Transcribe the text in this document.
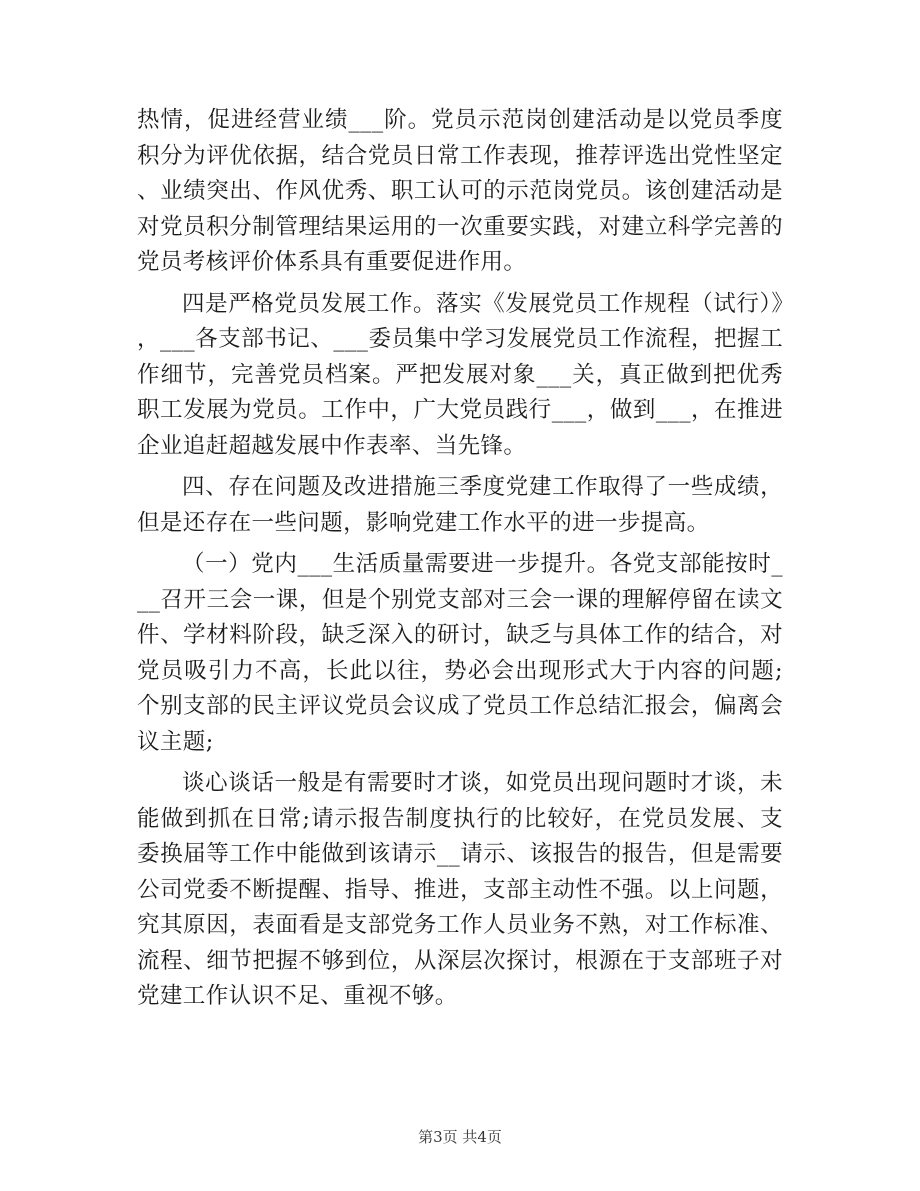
热情，促进经营业绩___阶。党员示范岗创建活动是以党员季度积分为评优依据，结合党员日常工作表现，推荐评选出党性坚定、业绩突出、作风优秀、职工认可的示范岗党员。该创建活动是对党员积分制管理结果运用的一次重要实践，对建立科学完善的党员考核评价体系具有重要促进作用。

四是严格党员发展工作。落实《发展党员工作规程（试行）》，___各支部书记、___委员集中学习发展党员工作流程，把握工作细节，完善党员档案。严把发展对象___关，真正做到把优秀职工发展为党员。工作中，广大党员践行___，做到___，在推进企业追赶超越发展中作表率、当先锋。

四、存在问题及改进措施三季度党建工作取得了一些成绩，但是还存在一些问题，影响党建工作水平的进一步提高。

（一）党内___生活质量需要进一步提升。各党支部能按时___召开三会一课，但是个别党支部对三会一课的理解停留在读文件、学材料阶段，缺乏深入的研讨，缺乏与具体工作的结合，对党员吸引力不高，长此以往，势必会出现形式大于内容的问题;个别支部的民主评议党员会议成了党员工作总结汇报会，偏离会议主题;

谈心谈话一般是有需要时才谈，如党员出现问题时才谈，未能做到抓在日常;请示报告制度执行的比较好，在党员发展、支委换届等工作中能做到该请示__请示、该报告的报告，但是需要公司党委不断提醒、指导、推进，支部主动性不强。以上问题，究其原因，表面看是支部党务工作人员业务不熟，对工作标准、流程、细节把握不够到位，从深层次探讨，根源在于支部班子对党建工作认识不足、重视不够。

第3页 共4页
